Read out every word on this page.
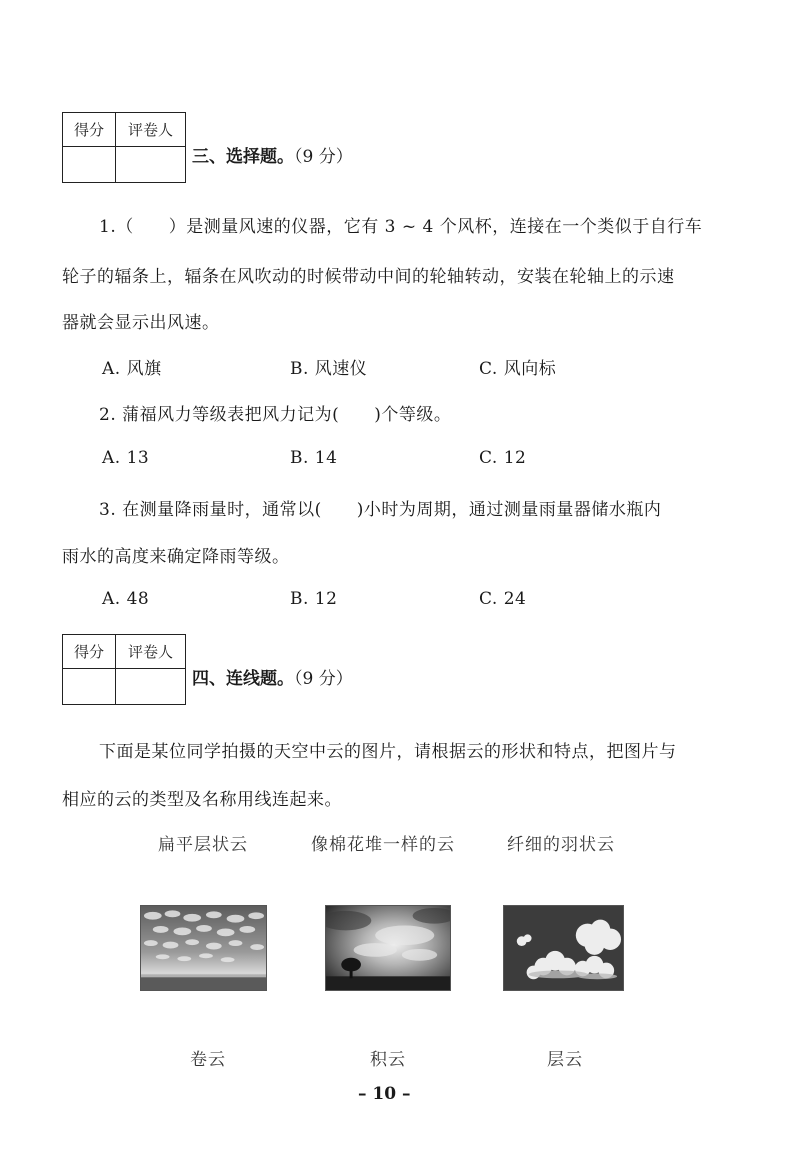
得分	评卷人

三、选择题。（9 分）
1.（　　）是测量风速的仪器，它有 3 ~ 4 个风杯，连接在一个类似于自行车
轮子的辐条上，辐条在风吹动的时候带动中间的轮轴转动，安装在轮轴上的示速
器就会显示出风速。
A. 风旗	B. 风速仪	C. 风向标
2. 蒲福风力等级表把风力记为(　　)个等级。
A. 13	B. 14	C. 12
3. 在测量降雨量时，通常以(　　)小时为周期，通过测量雨量器储水瓶内
雨水的高度来确定降雨等级。
A. 48	B. 12	C. 24
得分	评卷人

四、连线题。（9 分）
下面是某位同学拍摄的天空中云的图片，请根据云的形状和特点，把图片与
相应的云的类型及名称用线连起来。
扁平层状云	像棉花堆一样的云	纤细的羽状云
卷云	积云	层云
– 10 –
